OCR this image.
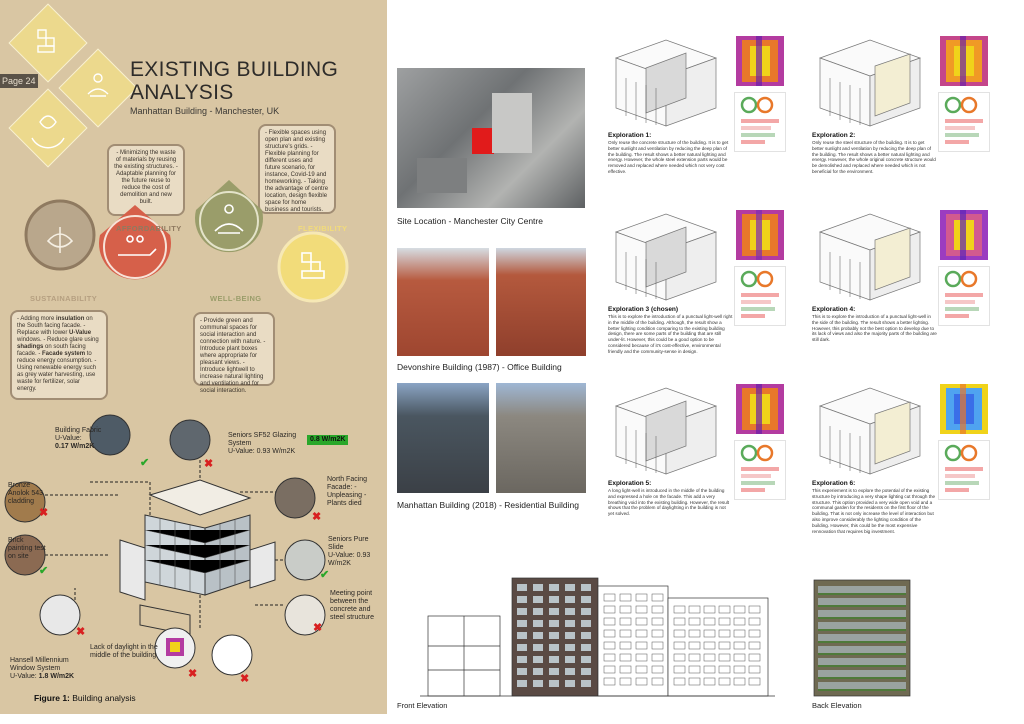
Page 24	EXISTING BUILDING
ANALYSIS
Manhattan Building - Manchester, UK
- Minimizing the waste of materials by reusing the existing structures. - Adaptable planning for the future reuse to reduce the cost of demolition and new built.
- Flexible spaces using open plan and existing structure's grids. - Flexible planning for different uses and future scenario, for instance, Covid-19 and homeworking. - Taking the advantage of centre location, design flexible space for home business and tourists.
AFFORDABILITY	FLEXIBILITY
SUSTAINABILITY	WELL-BEING
- Adding more insulation on the South facing facade. - Replace with lower U-Value windows. - Reduce glare using shadings on south facing facade. - Facade system to reduce energy consumption. - Using renewable energy such as grey water harvesting, use waste for fertilizer, solar energy.
- Provide green and communal spaces for social interaction and connection with nature. - Introduce plant boxes where appropriate for pleasant views. - Introduce lightwell to increase natural lighting and ventilation and for social interaction.
Building Fabric
U-Value:
0.17 W/m2K
Seniors SF52 Glazing System
U-Value: 0.93 W/m2K
0.8 W/m2K
Bronze Anolok 543 cladding
North Facing Facade: - Unpleasing - Plants died
Brick painting test on site
Seniors Pure Slide
U-Value: 0.93 W/m2K
Meeting point between the concrete and steel structure
Hansell Millennium Window System
U-Value: 1.8 W/m2K
Lack of daylight in the middle of the building
Figure 1: Building analysis
✔	✖
✖	✖
✔	✔
✖	✖
✖	✖
Site Location - Manchester City Centre
Devonshire Building (1987) - Office Building
Manhattan Building (2018) - Residential Building
Exploration 1:
Only reuse the concrete structure of the building. It is to get better sunlight and ventilation by reducing the deep plan of the building. The result shows a better natural lighting and energy. However, the whole steel extension parts would be removed and replaced where needed which not very cost effective.
Exploration 2:
Only reuse the steel structure of the building. It is to get better sunlight and ventilation by reducing the deep plan of the building. The result shows a better natural lighting and energy. However, the whole original concrete structure would be demolished and replaced where needed which is not beneficial for the environment.
Exploration 3 (chosen)
This is to explore the introduction of a punctual light-well right in the middle of the building. Although, the result show a better lighting condition comparing to the existing building design, there are some parts of the building that are still under-lit. However, this could be a good option to be considered because of it's cost-effective, environmental friendly and the community-sense in design.
Exploration 4:
This is to explore the introduction of a punctual light-well in the side of the building. The result shows a better lighting. However, this probably not the best option to develop due to its lack of views and also the majority parts of the building are still dark.
Exploration 5:
A long light-well is introduced in the middle of the building and expressed a hole on the facade. This add a very breathing void into the existing building. However, the result shows that the problem of daylighting in the building is not yet solved.
Exploration 6:
This experiement is to explore the potential of the existing structure by introducing a very shape lighting cut through the structure. This option provided a very wide open void and a communal garden for the residents on the first floor of the building. That is not only increase the level of interaction but also improve considerably the lighting condition of the building. However, this could be the most expensive rennovation that requires big investment.
Front Elevation	Back Elevation
